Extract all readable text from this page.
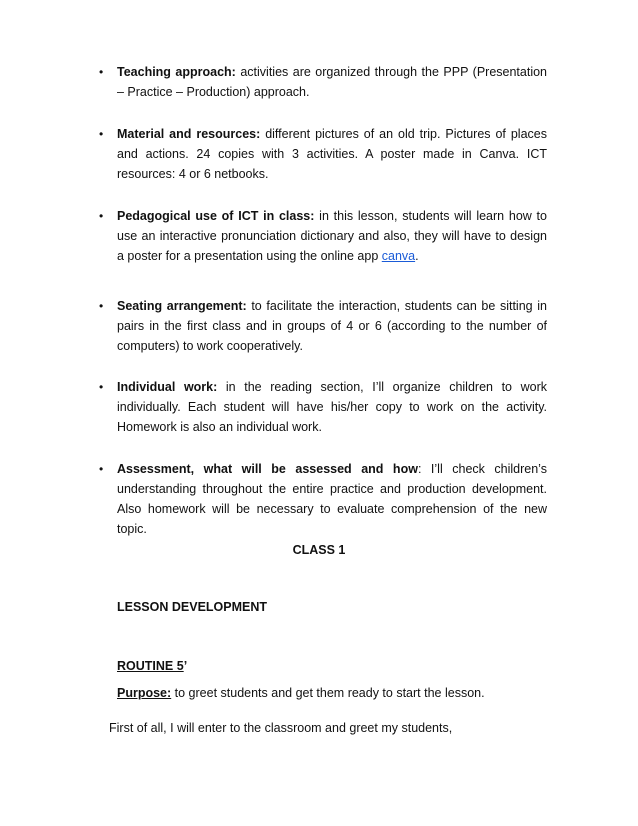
•	Teaching approach: activities are organized through the PPP (Presentation – Practice – Production) approach.
•	Material and resources: different pictures of an old trip. Pictures of places and actions. 24 copies with 3 activities. A poster made in Canva. ICT resources: 4 or 6 netbooks.
•	Pedagogical use of ICT in class: in this lesson, students will learn how to use an interactive pronunciation dictionary and also, they will have to design a poster for a presentation using the online app canva.
•	Seating arrangement: to facilitate the interaction, students can be sitting in pairs in the first class and in groups of 4 or 6 (according to the number of computers) to work cooperatively.
•	Individual work: in the reading section, I’ll organize children to work individually. Each student will have his/her copy to work on the activity. Homework is also an individual work.
•	Assessment, what will be assessed and how: I’ll check children’s understanding throughout the entire practice and production development. Also homework will be necessary to evaluate comprehension of the new topic.
CLASS 1
LESSON DEVELOPMENT
ROUTINE 5’
Purpose: to greet students and get them ready to start the lesson.
First of all, I will enter to the classroom and greet my students,
